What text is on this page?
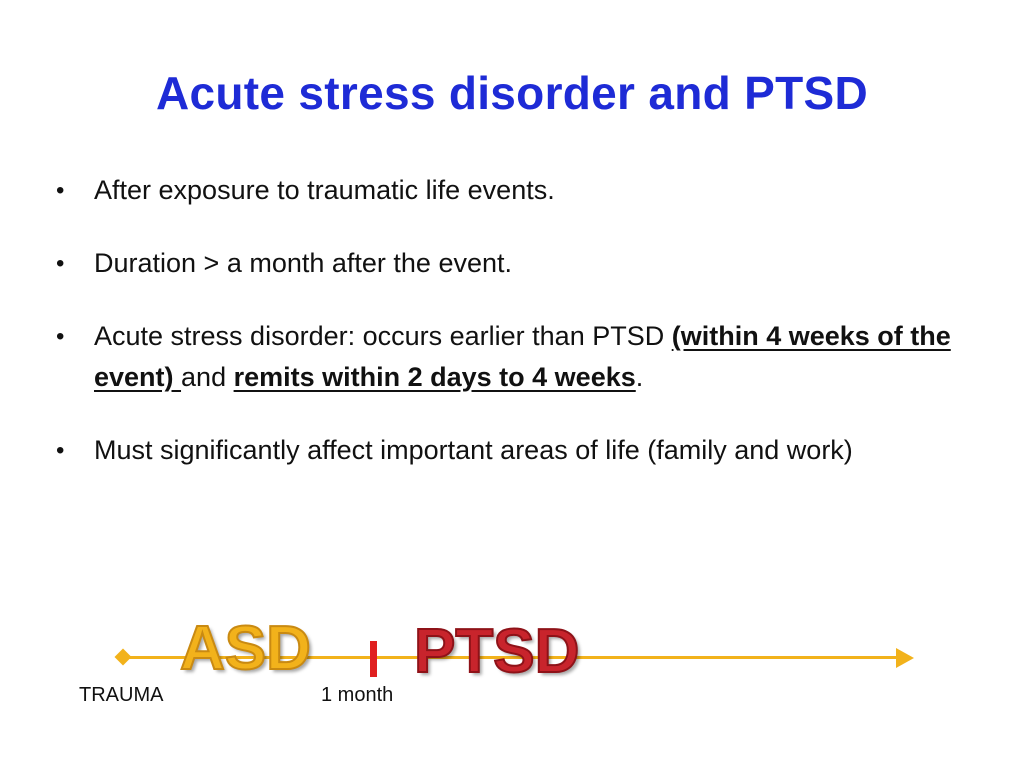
Acute stress disorder and PTSD
• After exposure to traumatic life events.
• Duration > a month after the event.
• Acute stress disorder: occurs earlier than PTSD (within 4 weeks of the event) and remits within 2 days to 4 weeks.
• Must significantly affect important areas of life (family and work)
ASD PTSD
TRAUMA	1 month
